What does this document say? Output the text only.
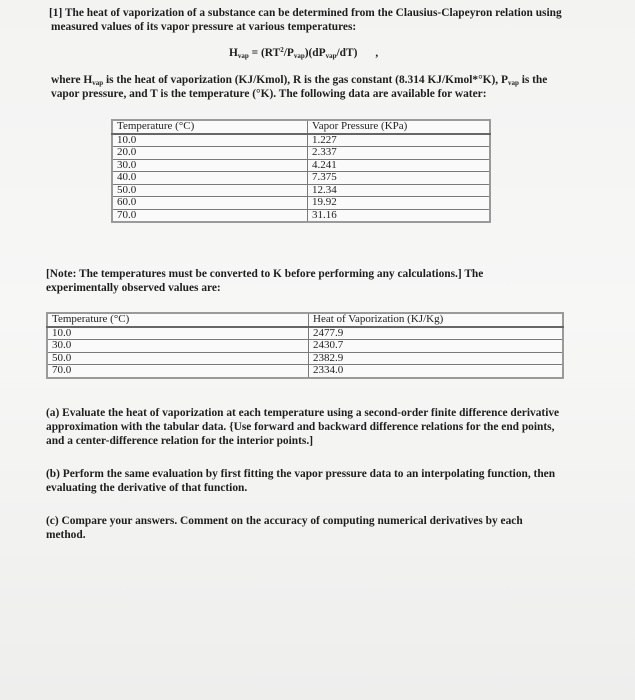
[1] The heat of vaporization of a substance can be determined from the Clausius-Clapeyron relation using

measured values of its vapor pressure at various temperatures:

$H_{vap} = (RT^2/P_{vap})(dP_{vap}/dT)$ ,

where $H_{vap}$ is the heat of vaporization (KJ/Kmol), R is the gas constant (8.314 KJ/Kmol*°K), $P_{vap}$ is the

vapor pressure, and T is the temperature (°K). The following data are available for water:

Temperature (°C)	Vapor Pressure (KPa)
10.0	1.227
20.0	2.337
30.0	4.241
40.0	7.375
50.0	12.34
60.0	19.92
70.0	31.16

[Note: The temperatures must be converted to K before performing any calculations.] The

experimentally observed values are:

Temperature (°C)	Heat of Vaporization (KJ/Kg)
10.0	2477.9
30.0	2430.7
50.0	2382.9
70.0	2334.0

(a) Evaluate the heat of vaporization at each temperature using a second-order finite difference derivative

approximation with the tabular data. {Use forward and backward difference relations for the end points,

and a center-difference relation for the interior points.]

(b) Perform the same evaluation by first fitting the vapor pressure data to an interpolating function, then

evaluating the derivative of that function.

(c) Compare your answers. Comment on the accuracy of computing numerical derivatives by each

method.
